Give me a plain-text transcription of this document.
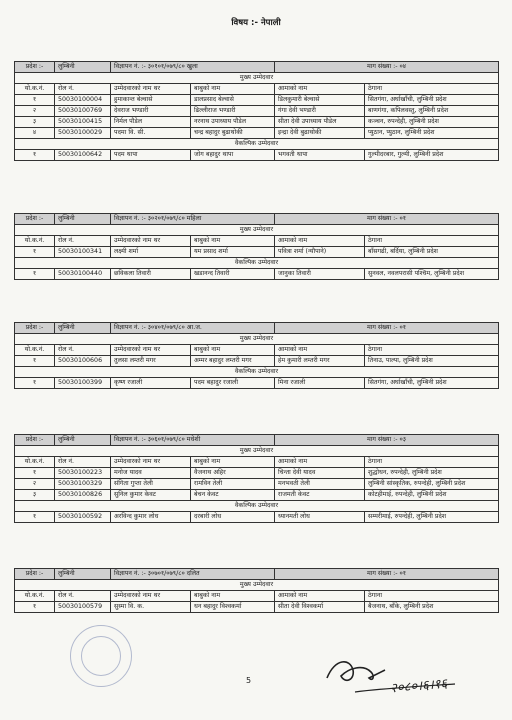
विषय :- नेपाली
प्रदेश :-	लुम्बिनी	विज्ञापन नं. :- ३०१०१/०७९/८० खुला		माग संख्या :- ०४	
मुख्य उम्मेदवार					
यो.क.नं.	रोल नं.	उम्मेदवारको नाम थर	बाबुको नाम	आमाको नाम	ठेगाना
१	50030100004	हुमाकान्त बेल्वासे	डालप्रसाद बेल्वासे	डिलकुमारी बेल्वासे	सितगंगा, अर्घाखाँची, लुम्बिनी प्रदेश
२	50030100769	देवराज भण्डारी	ढिल्लीराज भण्डारी	गंगा देवी भण्डारी	बाणगंगा, कपिलवस्तु, लुम्बिनी प्रदेश
३	50030100415	निर्मल पौडेल	नरनाथ उपाध्याय पौडेल	सीता देवी उपाध्याय पौडेल	कञ्चन, रुपन्देही, लुम्बिनी प्रदेश
४	50030100029	पदमा वि. सी.	चन्द्र बहादुर बुढाथोकी	इन्द्रा देवी बुढाथोकी	प्युठान, प्युठान, लुम्बिनी प्रदेश
वैकल्पिक उम्मेदवार					
१	50030100642	पदम थापा	जोग बहादुर थापा	भगवती थापा	गुल्मीदरबार, गुल्मी, लुम्बिनी प्रदेश
प्रदेश :-	लुम्बिनी	विज्ञापन नं. :- ३०२०१/०७९/८० महिला		माग संख्या :- ०१	
मुख्य उम्मेदवार					
यो.क.नं.	रोल नं.	उम्मेदवारको नाम थर	बाबुको नाम	आमाको नाम	ठेगाना
१	50030100341	लक्ष्मी शर्मा	यम प्रसाद शर्मा	पवित्रा शर्मा (न्यौपाने)	बाँसगढी, बर्दिया, लुम्बिनी प्रदेश
वैकल्पिक उम्मेदवार					
१	50030100440	छविकला तिवारी	खडानन्द तिवारी	जानुका तिवारी	सुनवल, नवलपरासी पश्चिम, लुम्बिनी प्रदेश
प्रदेश :-	लुम्बिनी	विज्ञापन नं. :- ३०४०१/०७९/८० आ.ज.		माग संख्या :- ०१	
मुख्य उम्मेदवार					
यो.क.नं.	रोल नं.	उम्मेदवारको नाम थर	बाबुको नाम	आमाको नाम	ठेगाना
१	50030100606	तुलसा लम्तरी मगर	अम्मर बहादुर लम्तरी मगर	हेम कुमारी लम्तरी मगर	तिनाउ, पाल्पा, लुम्बिनी प्रदेश
वैकल्पिक उम्मेदवार					
१	50030100399	कृष्ण रजाली	पदम बहादुर रजाली	मिना रजाली	सितगंगा, अर्घाखाँची, लुम्बिनी प्रदेश
प्रदेश :-	लुम्बिनी	विज्ञापन नं. :- ३०६०१/०७९/८० मधेशी		माग संख्या :- ०३	
मुख्य उम्मेदवार					
यो.क.नं.	रोल नं.	उम्मेदवारको नाम थर	बाबुको नाम	आमाको नाम	ठेगाना
१	50030100223	मनोज यादव	वैजनाथ अहिर	चिन्ता देवी यादव	शुद्धोधन, रुपन्देही, लुम्बिनी प्रदेश
२	50030100329	संगिता गुप्ता तेली	रामविन तेली	मनभवती तेली	लुम्बिनी सांस्कृतिक, रुपन्देही, लुम्बिनी प्रदेश
३	50030100826	सुनिल कुमार केवट	बेचन केवट	राजमती केवट	कोटहीमाई, रुपन्देही, लुम्बिनी प्रदेश
वैकल्पिक उम्मेदवार					
१	50030100592	अरविन्द कुमार लोध	दरबारी लोध	ध्यानमती लोध	सम्मरीमाई, रुपन्देही, लुम्बिनी प्रदेश
प्रदेश :-	लुम्बिनी	विज्ञापन नं. :- ३०७०१/०७९/८० दलित		माग संख्या :- ०१	
मुख्य उम्मेदवार					
यो.क.नं.	रोल नं.	उम्मेदवारको नाम थर	बाबुको नाम	आमाको नाम	ठेगाना
१	50030100579	सुस्मा वि. क.	धन बहादुर विश्वकर्मा	सीता देवी विश्वकर्मा	बैजनाथ, बाँके, लुम्बिनी प्रदेश
२०८०।६।१६
5
